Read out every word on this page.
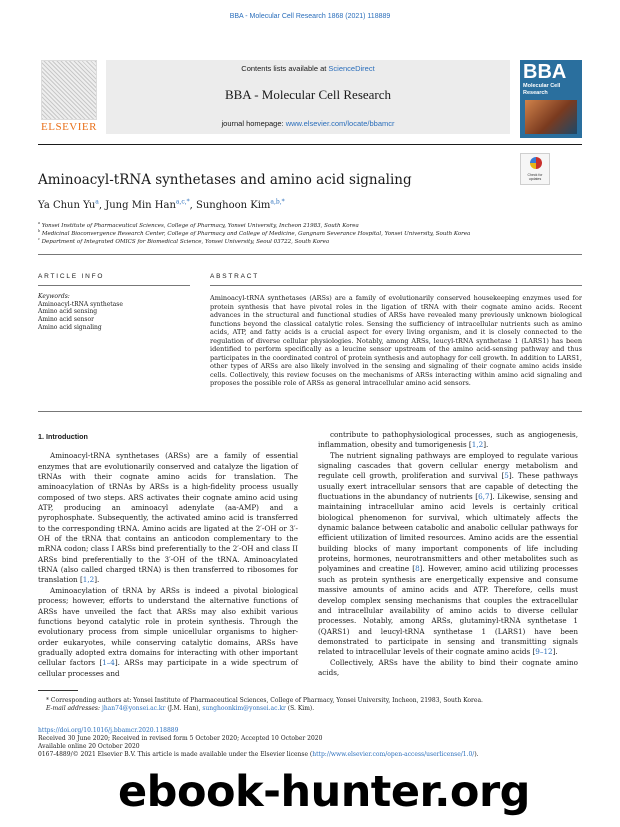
BBA - Molecular Cell Research 1868 (2021) 118889
ELSEVIER
Contents lists available at ScienceDirect
BBA - Molecular Cell Research
journal homepage: www.elsevier.com/locate/bbamcr
BBA
Molecular Cell Research
Aminoacyl-tRNA synthetases and amino acid signaling	Check for updates
Ya Chun Yu$^a$, Jung Min Han$^{a,c,*}$, Sunghoon Kim$^{a,b,*}$
$^a$ Yonsei Institute of Pharmaceutical Sciences, College of Pharmacy, Yonsei University, Incheon 21983, South Korea
$^b$ Medicinal Bioconvergence Research Center, College of Pharmacy and College of Medicine, Gangnam Severance Hospital, Yonsei University, South Korea
$^c$ Department of Integrated OMICS for Biomedical Science, Yonsei University, Seoul 03722, South Korea
ARTICLE INFO	ABSTRACT
Keywords:
Aminoacyl-tRNA synthetase
Amino acid sensing
Amino acid sensor
Amino acid signaling
Aminoacyl-tRNA synthetases (ARSs) are a family of evolutionarily conserved housekeeping enzymes used for protein synthesis that have pivotal roles in the ligation of tRNA with their cognate amino acids. Recent advances in the structural and functional studies of ARSs have revealed many previously unknown biological functions beyond the classical catalytic roles. Sensing the sufficiency of intracellular nutrients such as amino acids, ATP, and fatty acids is a crucial aspect for every living organism, and it is closely connected to the regulation of diverse cellular physiologies. Notably, among ARSs, leucyl-tRNA synthetase 1 (LARS1) has been identified to perform specifically as a leucine sensor upstream of the amino acid-sensing pathway and thus participates in the coordinated control of protein synthesis and autophagy for cell growth. In addition to LARS1, other types of ARSs are also likely involved in the sensing and signaling of their cognate amino acids inside cells. Collectively, this review focuses on the mechanisms of ARSs interacting within amino acid signaling and proposes the possible role of ARSs as general intracellular amino acid sensors.
1. Introduction

Aminoacyl-tRNA synthetases (ARSs) are a family of essential enzymes that are evolutionarily conserved and catalyze the ligation of tRNAs with their cognate amino acids for translation. The aminoacylation of tRNAs by ARSs is a high-fidelity process usually composed of two steps. ARS activates their cognate amino acid using ATP, producing an aminoacyl adenylate (aa-AMP) and a pyrophosphate. Subsequently, the activated amino acid is transferred to the corresponding tRNA. Amino acids are ligated at the 2′-OH or 3′-OH of the tRNA that contains an anticodon complementary to the mRNA codon; class I ARSs bind preferentially to the 2′-OH and class II ARSs bind preferentially to the 3′-OH of the tRNA. Aminoacylated tRNA (also called charged tRNA) is then transferred to ribosomes for translation [1,2].

Aminoacylation of tRNA by ARSs is indeed a pivotal biological process; however, efforts to understand the alternative functions of ARSs have unveiled the fact that ARSs may also exhibit various functions beyond catalytic role in protein synthesis. Through the evolutionary process from simple unicellular organisms to higher-order eukaryotes, while conserving catalytic domains, ARSs have gradually adopted extra domains for interacting with other important cellular factors [1–4]. ARSs may participate in a wide spectrum of cellular processes and

contribute to pathophysiological processes, such as angiogenesis, inflammation, obesity and tumorigenesis [1,2].

The nutrient signaling pathways are employed to regulate various signaling cascades that govern cellular energy metabolism and regulate cell growth, proliferation and survival [5]. These pathways usually exert intracellular sensors that are capable of detecting the fluctuations in the abundancy of nutrients [6,7]. Likewise, sensing and maintaining intracellular amino acid levels is certainly critical biological phenomenon for survival, which ultimately affects the dynamic balance between catabolic and anabolic cellular pathways for efficient utilization of limited resources. Amino acids are the essential building blocks of many important components of life including proteins, hormones, neurotransmitters and other metabolites such as polyamines and creatine [8]. However, amino acid utilizing processes such as protein synthesis are energetically expensive and consume massive amounts of amino acids and ATP. Therefore, cells must develop complex sensing mechanisms that couples the extracellular and intracellular availability of amino acids to diverse cellular processes. Notably, among ARSs, glutaminyl-tRNA synthetase 1 (QARS1) and leucyl-tRNA synthetase 1 (LARS1) have been demonstrated to participate in sensing and transmitting signals related to intracellular levels of their cognate amino acids [9–12].

Collectively, ARSs have the ability to bind their cognate amino acids,

* Corresponding authors at: Yonsei Institute of Pharmaceutical Sciences, College of Pharmacy, Yonsei University, Incheon, 21983, South Korea.
E-mail addresses: jhan74@yonsei.ac.kr (J.M. Han), sunghoonkim@yonsei.ac.kr (S. Kim).
https://doi.org/10.1016/j.bbamcr.2020.118889
Received 30 June 2020; Received in revised form 5 October 2020; Accepted 10 October 2020
Available online 20 October 2020
0167-4889/© 2021 Elsevier B.V. This article is made available under the Elsevier license (http://www.elsevier.com/open-access/userlicense/1.0/).
ebook-hunter.org
